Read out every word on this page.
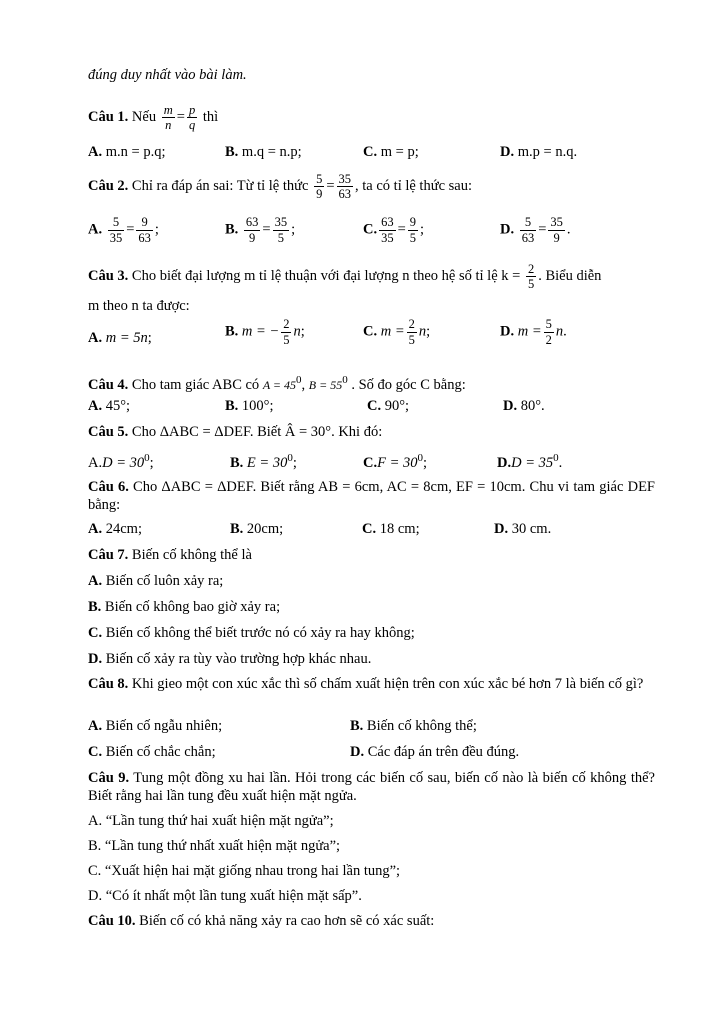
đúng duy nhất vào bài làm.
Câu 1. Nếu $\frac{m}{n} = \frac{p}{q}$ thì
A. m.n = p.q;	B. m.q = n.p;	C. m = p;	D. m.p = n.q.
Câu 2. Chỉ ra đáp án sai: Từ tỉ lệ thức $\frac{5}{9} = \frac{35}{63}$ , ta có tỉ lệ thức sau:
A. $\frac{5}{35} = \frac{9}{63}$ ;	B. $\frac{63}{9} = \frac{35}{5}$ ;	C. $\frac{63}{35} = \frac{9}{5}$ ;	D. $\frac{5}{63} = \frac{35}{9}$ .
Câu 3. Cho biết đại lượng m tỉ lệ thuận với đại lượng n theo hệ số tỉ lệ $k = \frac{2}{5}$ . Biểu diễn
m theo n ta được:
A. m = 5n;	B. m = − $\frac{2}{5} n$;	C. $m = \frac{2}{5} n$;	D. $m = \frac{5}{2} n$.
Câu 4. Cho tam giác ABC có $A = 45^0$, $B = 55^0$ . Số đo góc C bằng:
A. 45°;	B. 100°;	C. 90°;	D. 80°.
Câu 5. Cho ΔABC = ΔDEF. Biết Â = 30°. Khi đó:
$A.D = 30^0$;	B. $E = 30^0$;	$C.F = 30^0$;	$D.D = 35^0$.
Câu 6. Cho ΔABC = ΔDEF. Biết rằng AB = 6cm, AC = 8cm, EF = 10cm. Chu vi tam giác DEF bằng:
A. 24cm;	B. 20cm;	C. 18 cm;	D. 30 cm.
Câu 7. Biến cố không thể là
A. Biến cố luôn xảy ra;
B. Biến cố không bao giờ xảy ra;
C. Biến cố không thể biết trước nó có xảy ra hay không;
D. Biến cố xảy ra tùy vào trường hợp khác nhau.
Câu 8. Khi gieo một con xúc xắc thì số chấm xuất hiện trên con xúc xắc bé hơn 7 là biến cố gì?
A. Biến cố ngẫu nhiên;	B. Biến cố không thể;
C. Biến cố chắc chắn;	D. Các đáp án trên đều đúng.
Câu 9. Tung một đồng xu hai lần. Hỏi trong các biến cố sau, biến cố nào là biến cố không thể? Biết rằng hai lần tung đều xuất hiện mặt ngửa.
A. “Lần tung thứ hai xuất hiện mặt ngửa”;
B. “Lần tung thứ nhất xuất hiện mặt ngửa”;
C. “Xuất hiện hai mặt giống nhau trong hai lần tung”;
D. “Có ít nhất một lần tung xuất hiện mặt sấp”.
Câu 10. Biến cố có khả năng xảy ra cao hơn sẽ có xác suất:
